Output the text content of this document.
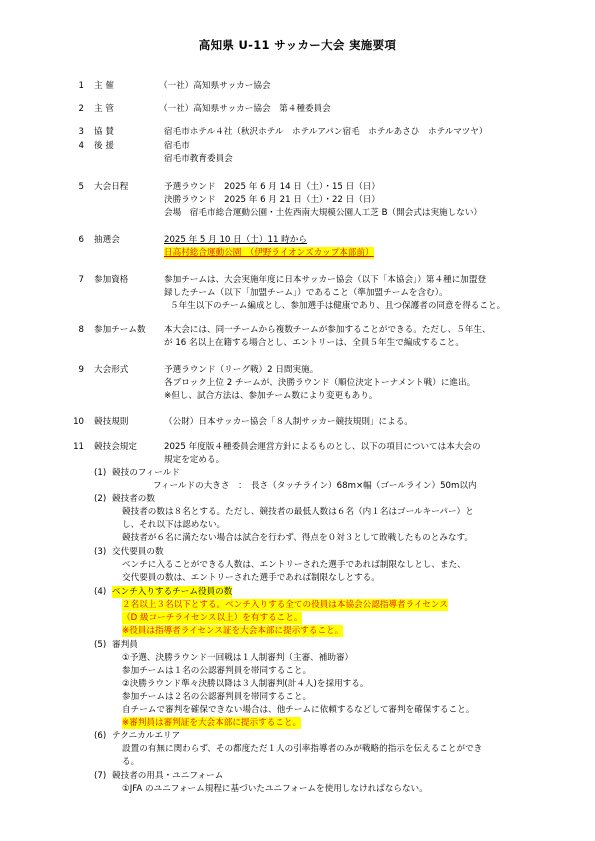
高知県 U-11 サッカー大会 実施要項
1 主 催	（一社）高知県サッカー協会
2 主 管	（一社）高知県サッカー協会　第４種委員会
3 協 賛	宿毛市ホテル４社（秋沢ホテル　ホテルアパン宿毛　ホテルあさひ　ホテルマツヤ）
4 後 援	宿毛市
宿毛市教育委員会
5 大会日程	予選ラウンド　2025 年 6 月 14 日（土）・15 日（日）
決勝ラウンド　2025 年 6 月 21 日（土）・22 日（日）
会場　宿毛市総合運動公園・土佐西南大規模公園人工芝 B（開会式は実施しない）
6 抽選会	2025 年 5 月 10 日（土）11 時から
日高村総合運動公園　（伊野ライオンズカップ本部前）
7 参加資格	参加チームは、大会実施年度に日本サッカー協会（以下「本協会」）第４種に加盟登
録したチーム（以下「加盟チーム」）であること（準加盟チームを含む）。
５年生以下のチーム編成とし、参加選手は健康であり、且つ保護者の同意を得ること。
8 参加チーム数 本大会には、同一チームから複数チームが参加することができる。ただし、５年生、
が 16 名以上在籍する場合とし、エントリーは、全員５年生で編成すること。
9 大会形式	予選ラウンド（リーグ戦）2 日間実施。
各ブロック上位 2 チームが、決勝ラウンド（順位決定トーナメント戦）に進出。
※但し、試合方法は、参加チーム数により変更もあり。
10 競技規則	（公財）日本サッカー協会「８人制サッカー競技規則」による。
11 競技会規定	2025 年度版４種委員会運営方針によるものとし、以下の項目については本大会の
規定を定める。
(1) 競技のフィールド
フィールドの大きさ　：　長さ（タッチライン）68m×幅（ゴールライン）50m以内
(2) 競技者の数
競技者の数は８名とする。ただし、競技者の最低人数は６名（内１名はゴールキーパー）と
し、それ以下は認めない。
競技者が６名に満たない場合は試合を行わず、得点を０対３として敗戦したものとみなす。
(3) 交代要員の数
ベンチに入ることができる人数は、エントリーされた選手であれば制限なしとし、また、
交代要員の数は、エントリーされた選手であれば制限なしとする。
(4) ベンチ入りするチーム役員の数
２名以上３名以下とする。ベンチ入りする全ての役員は本協会公認指導者ライセンス
（D 級コーチライセンス以上）を有すること。
※役員は指導者ライセンス証を大会本部に提示すること。
(5) 審判員
①予選、決勝ラウンド一回戦は１人制審判（主審、補助審）
参加チームは１名の公認審判員を帯同すること。
②決勝ラウンド準々決勝以降は３人制審判(計４人)を採用する。
参加チームは２名の公認審判員を帯同すること。
自チームで審判を確保できない場合は、他チームに依頼するなどして審判を確保すること。
※審判員は審判証を大会本部に提示すること。
(6) テクニカルエリア
設置の有無に関わらず、その都度ただ１人の引率指導者のみが戦略的指示を伝えることができ
る。
(7) 競技者の用具・ユニフォーム
①JFA のユニフォーム規程に基づいたユニフォームを使用しなければならない。
